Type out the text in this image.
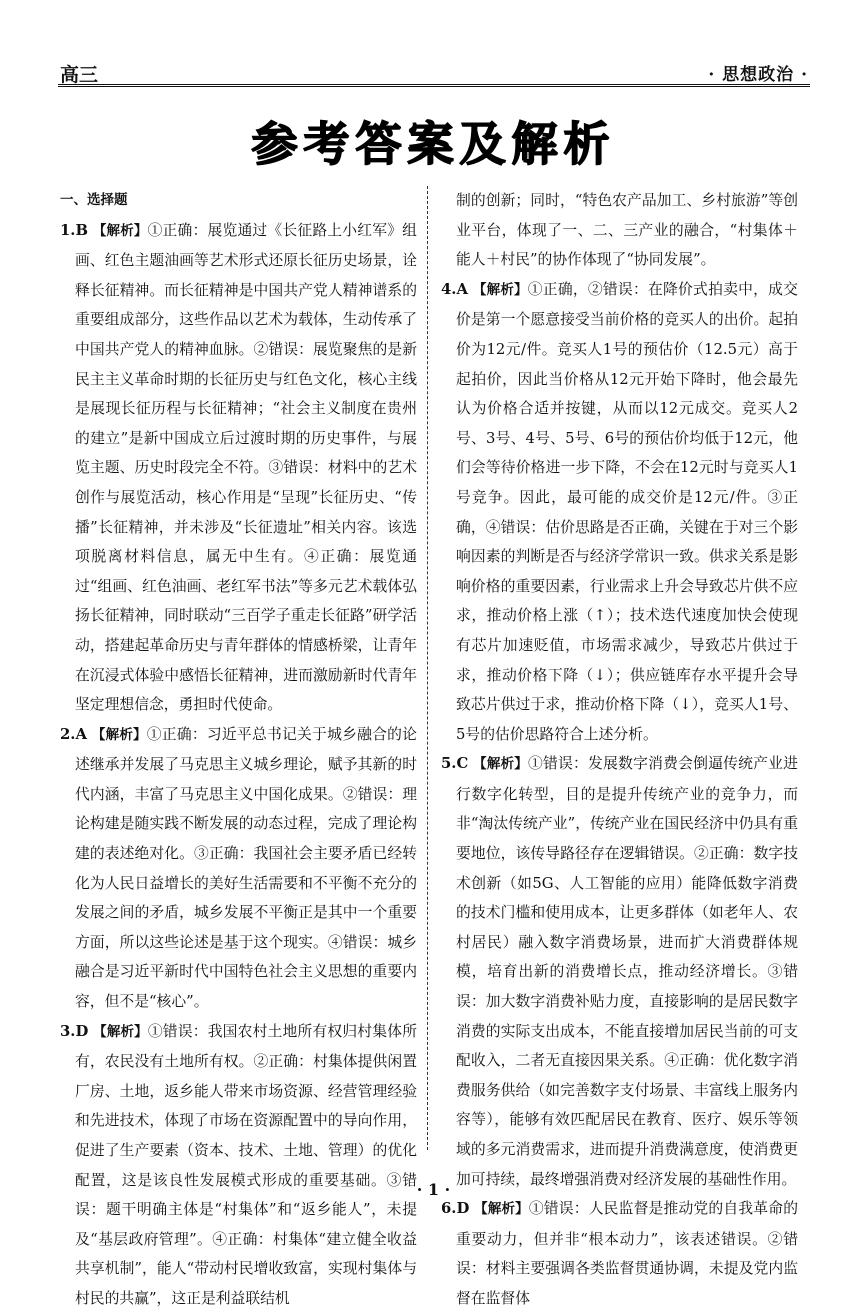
高三	· 思想政治 ·
参考答案及解析
一、选择题

1.B 【解析】①正确：展览通过《长征路上小红军》组画、红色主题油画等艺术形式还原长征历史场景，诠释长征精神。而长征精神是中国共产党人精神谱系的重要组成部分，这些作品以艺术为载体，生动传承了中国共产党人的精神血脉。②错误：展览聚焦的是新民主主义革命时期的长征历史与红色文化，核心主线是展现长征历程与长征精神；“社会主义制度在贵州的建立”是新中国成立后过渡时期的历史事件，与展览主题、历史时段完全不符。③错误：材料中的艺术创作与展览活动，核心作用是“呈现”长征历史、“传播”长征精神，并未涉及“长征遗址”相关内容。该选项脱离材料信息，属无中生有。④正确：展览通过“组画、红色油画、老红军书法”等多元艺术载体弘扬长征精神，同时联动“三百学子重走长征路”研学活动，搭建起革命历史与青年群体的情感桥梁，让青年在沉浸式体验中感悟长征精神，进而激励新时代青年坚定理想信念，勇担时代使命。

2.A 【解析】①正确：习近平总书记关于城乡融合的论述继承并发展了马克思主义城乡理论，赋予其新的时代内涵，丰富了马克思主义中国化成果。②错误：理论构建是随实践不断发展的动态过程，完成了理论构建的表述绝对化。③正确：我国社会主要矛盾已经转化为人民日益增长的美好生活需要和不平衡不充分的发展之间的矛盾，城乡发展不平衡正是其中一个重要方面，所以这些论述是基于这个现实。④错误：城乡融合是习近平新时代中国特色社会主义思想的重要内容，但不是“核心”。

3.D 【解析】①错误：我国农村土地所有权归村集体所有，农民没有土地所有权。②正确：村集体提供闲置厂房、土地，返乡能人带来市场资源、经营管理经验和先进技术，体现了市场在资源配置中的导向作用，促进了生产要素（资本、技术、土地、管理）的优化配置，这是该良性发展模式形成的重要基础。③错误：题干明确主体是“村集体”和“返乡能人”，未提及“基层政府管理”。④正确：村集体“建立健全收益共享机制”，能人“带动村民增收致富，实现村集体与村民的共赢”，这正是利益联结机

制的创新；同时，“特色农产品加工、乡村旅游”等创业平台，体现了一、二、三产业的融合，“村集体＋能人＋村民”的协作体现了“协同发展”。

4.A 【解析】①正确，②错误：在降价式拍卖中，成交价是第一个愿意接受当前价格的竞买人的出价。起拍价为12元/件。竞买人1号的预估价（12.5元）高于起拍价，因此当价格从12元开始下降时，他会最先认为价格合适并按键，从而以12元成交。竞买人2号、3号、4号、5号、6号的预估价均低于12元，他们会等待价格进一步下降，不会在12元时与竞买人1号竞争。因此，最可能的成交价是12元/件。③正确，④错误：估价思路是否正确，关键在于对三个影响因素的判断是否与经济学常识一致。供求关系是影响价格的重要因素，行业需求上升会导致芯片供不应求，推动价格上涨（↑）；技术迭代速度加快会使现有芯片加速贬值，市场需求减少，导致芯片供过于求，推动价格下降（↓）；供应链库存水平提升会导致芯片供过于求，推动价格下降（↓），竞买人1号、5号的估价思路符合上述分析。

5.C 【解析】①错误：发展数字消费会倒逼传统产业进行数字化转型，目的是提升传统产业的竞争力，而非“淘汰传统产业”，传统产业在国民经济中仍具有重要地位，该传导路径存在逻辑错误。②正确：数字技术创新（如5G、人工智能的应用）能降低数字消费的技术门槛和使用成本，让更多群体（如老年人、农村居民）融入数字消费场景，进而扩大消费群体规模，培育出新的消费增长点，推动经济增长。③错误：加大数字消费补贴力度，直接影响的是居民数字消费的实际支出成本，不能直接增加居民当前的可支配收入，二者无直接因果关系。④正确：优化数字消费服务供给（如完善数字支付场景、丰富线上服务内容等），能够有效匹配居民在教育、医疗、娱乐等领域的多元消费需求，进而提升消费满意度，使消费更加可持续，最终增强消费对经济发展的基础性作用。

6.D 【解析】①错误：人民监督是推动党的自我革命的重要动力，但并非“根本动力”，该表述错误。②错误：材料主要强调各类监督贯通协调，未提及党内监督在监督体

· 1 ·
